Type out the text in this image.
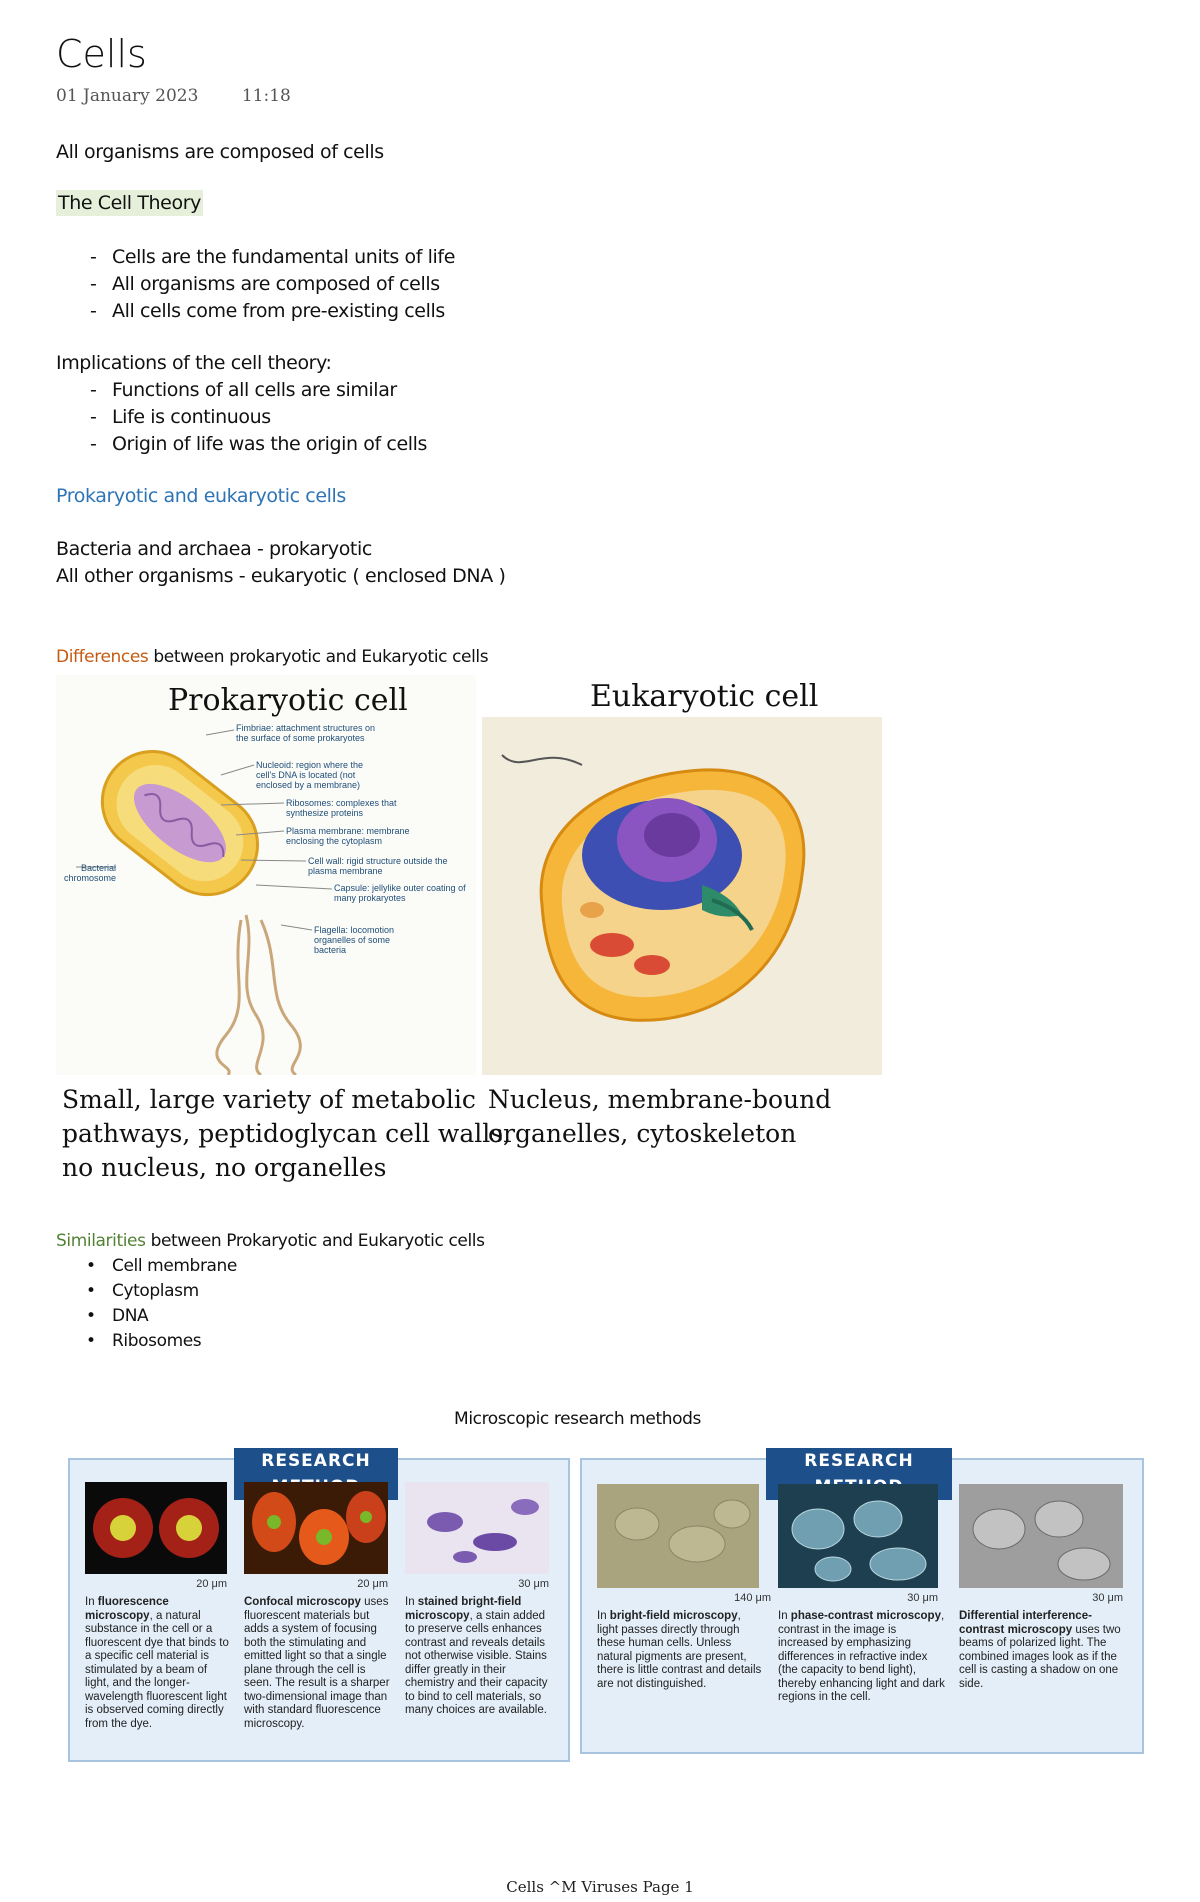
Cells
01 January 2023	11:18
All organisms are composed of cells
The Cell Theory
- Cells are the fundamental units of life
- All organisms are composed of cells
- All cells come from pre-existing cells
Implications of the cell theory:
- Functions of all cells are similar
- Life is continuous
- Origin of life was the origin of cells
Prokaryotic and eukaryotic cells
Bacteria and archaea - prokaryotic
All other organisms - eukaryotic ( enclosed DNA )
Differences between prokaryotic and Eukaryotic cells
Prokaryotic cell
Fimbriae: attachment structures on the surface of some prokaryotes
Nucleoid: region where the cell's DNA is located (not enclosed by a membrane)
Ribosomes: complexes that synthesize proteins
Plasma membrane: membrane enclosing the cytoplasm
Cell wall: rigid structure outside the plasma membrane
Capsule: jellylike outer coating of many prokaryotes
Flagella: locomotion organelles of some bacteria
Bacterial chromosome
Eukaryotic cell
Small, large variety of metabolic
pathways, peptidoglycan cell walls,
no nucleus, no organelles
Nucleus, membrane-bound
organelles, cytoskeleton
Similarities between Prokaryotic and Eukaryotic cells
• Cell membrane
• Cytoplasm
• DNA
• Ribosomes
Microscopic research methods
RESEARCH
20 μm	20 μm	30 μm
In fluorescence microscopy, a natural substance in the cell or a fluorescent dye that binds to a specific cell material is stimulated by a beam of light, and the longer-wavelength fluorescent light is observed coming directly from the dye.
Confocal microscopy uses fluorescent materials but adds a system of focusing both the stimulating and emitted light so that a single plane through the cell is seen. The result is a sharper two-dimensional image than with standard fluorescence microscopy.
In stained bright-field microscopy, a stain added to preserve cells enhances contrast and reveals details not otherwise visible. Stains differ greatly in their chemistry and their capacity to bind to cell materials, so many choices are available.
RESEARCH
140 μm	30 μm	30 μm
In bright-field microscopy, light passes directly through these human cells. Unless natural pigments are present, there is little contrast and details are not distinguished.
In phase-contrast microscopy, contrast in the image is increased by emphasizing differences in refractive index (the capacity to bend light), thereby enhancing light and dark regions in the cell.
Differential interference-contrast microscopy uses two beams of polarized light. The combined images look as if the cell is casting a shadow on one side.
Cells ^M Viruses Page 1
